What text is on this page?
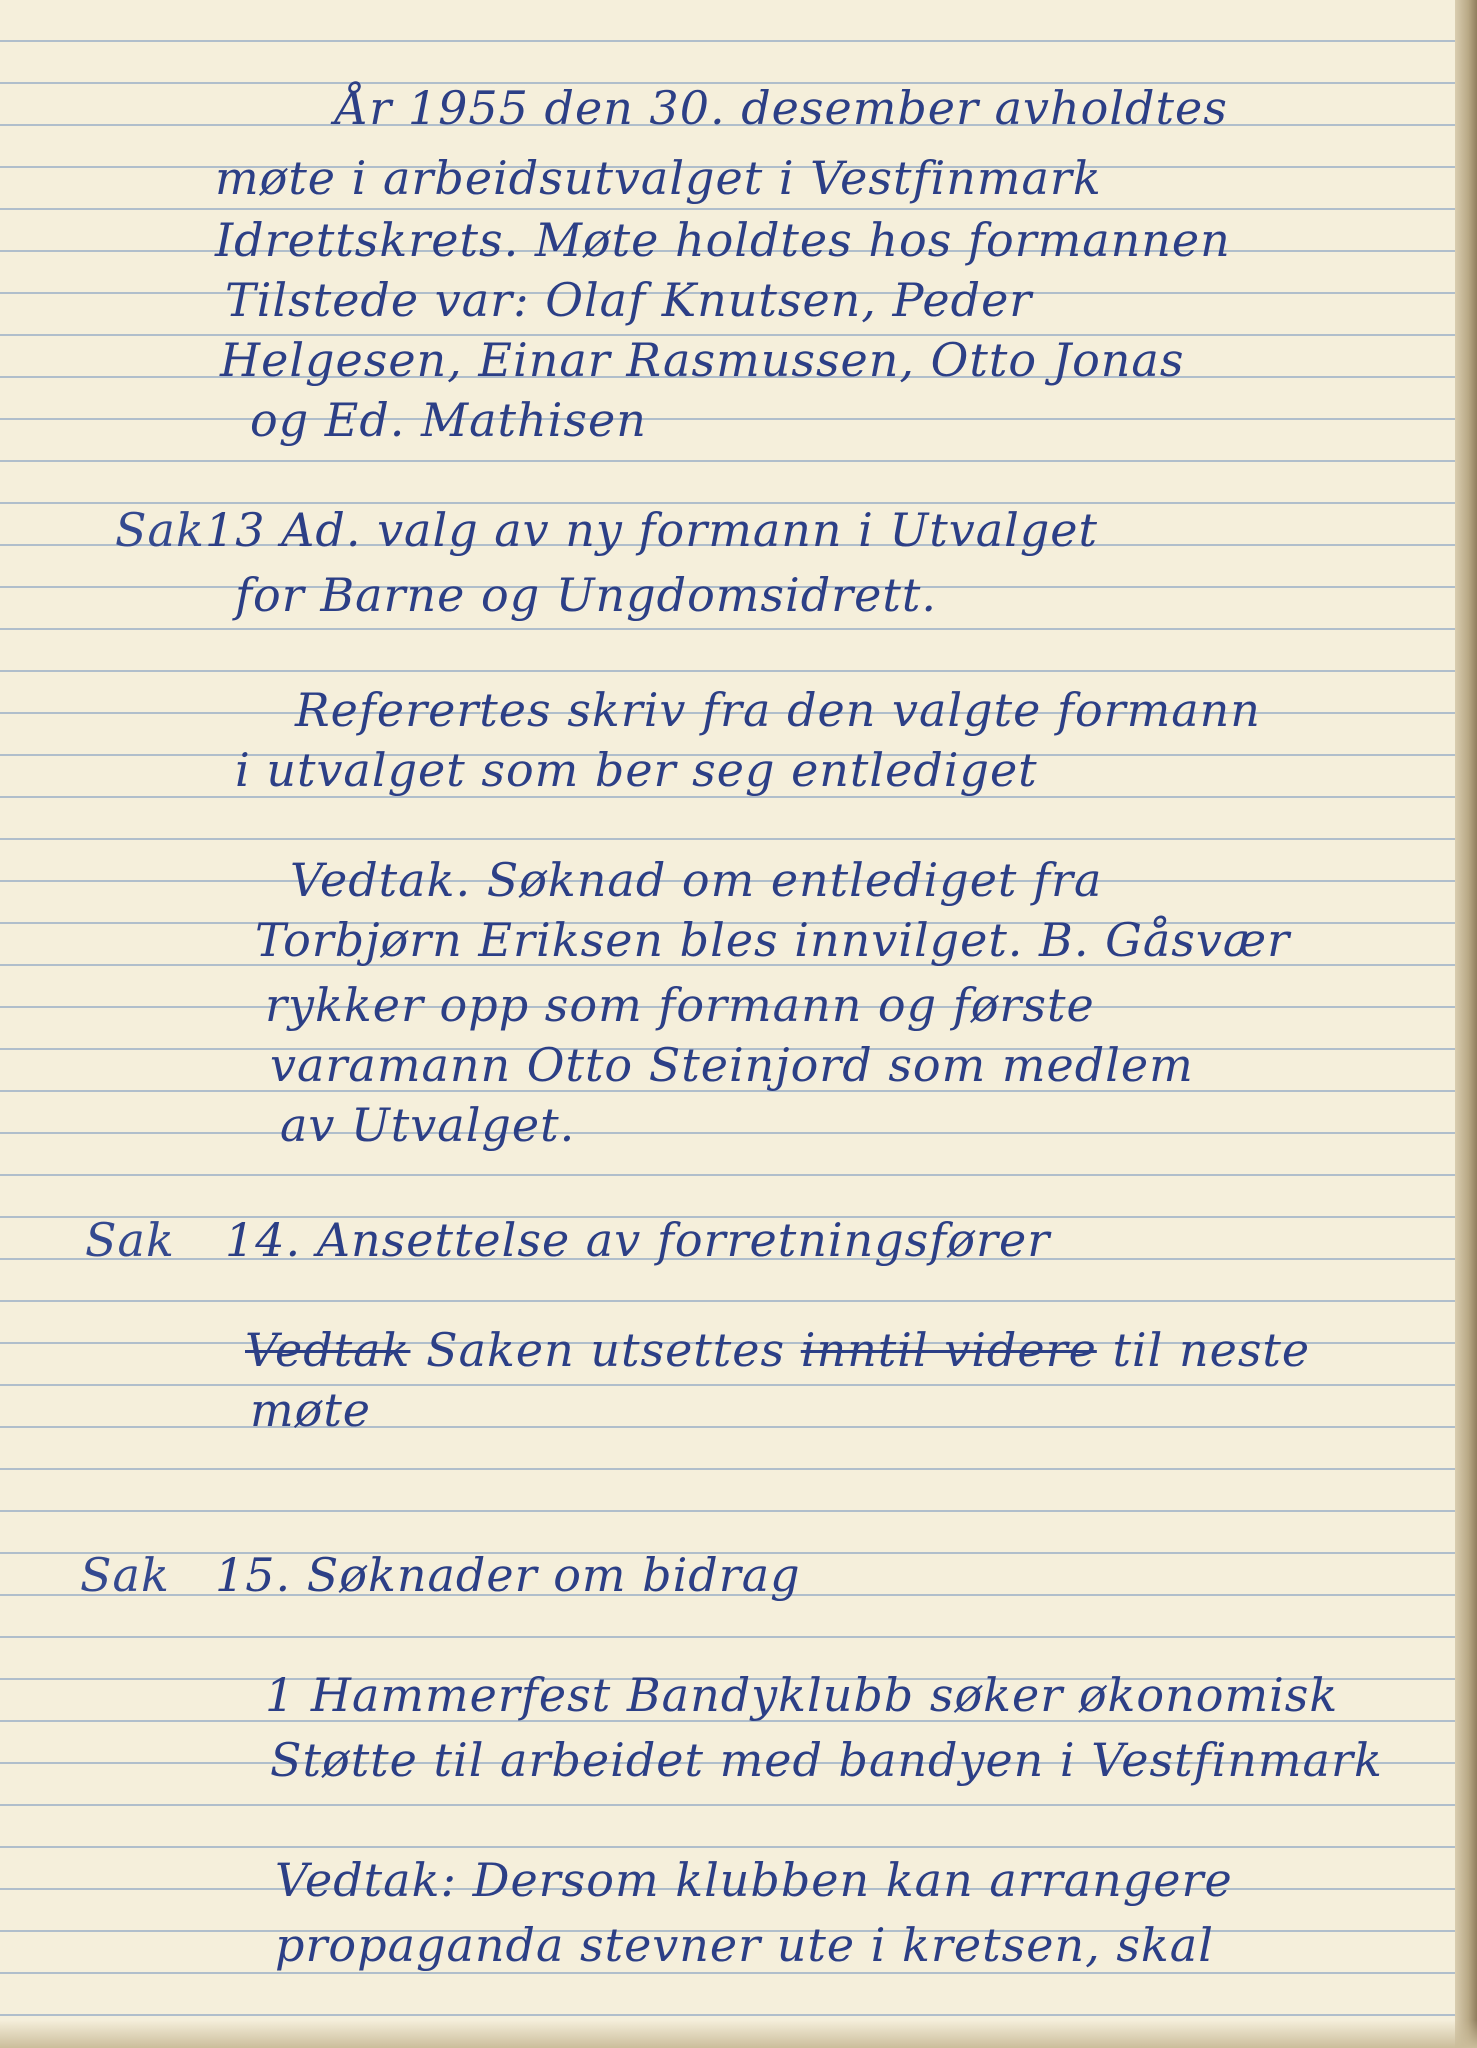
År 1955 den 30. desember avholdtes
møte i arbeidsutvalget i Vestfinmark
Idrettskrets. Møte holdtes hos formannen
Tilstede var: Olaf Knutsen, Peder
Helgesen, Einar Rasmussen, Otto Jonas
og Ed. Mathisen
Sak 13 Ad. valg av ny formann i Utvalget
for Barne og Ungdomsidrett.
Referertes skriv fra den valgte formann
i utvalget som ber seg entlediget
Vedtak. Søknad om entlediget fra
Torbjørn Eriksen bles innvilget. B. Gåsvær
rykker opp som formann og første
varamann Otto Steinjord som medlem
av Utvalget.
Sak 14. Ansettelse av forretningsfører
Vedtak Saken utsettes inntil videre til neste
møte
Sak 15. Søknader om bidrag
1 Hammerfest Bandyklubb søker økonomisk
Støtte til arbeidet med bandyen i Vestfinmark
Vedtak: Dersom klubben kan arrangere
propaganda stevner ute i kretsen, skal
